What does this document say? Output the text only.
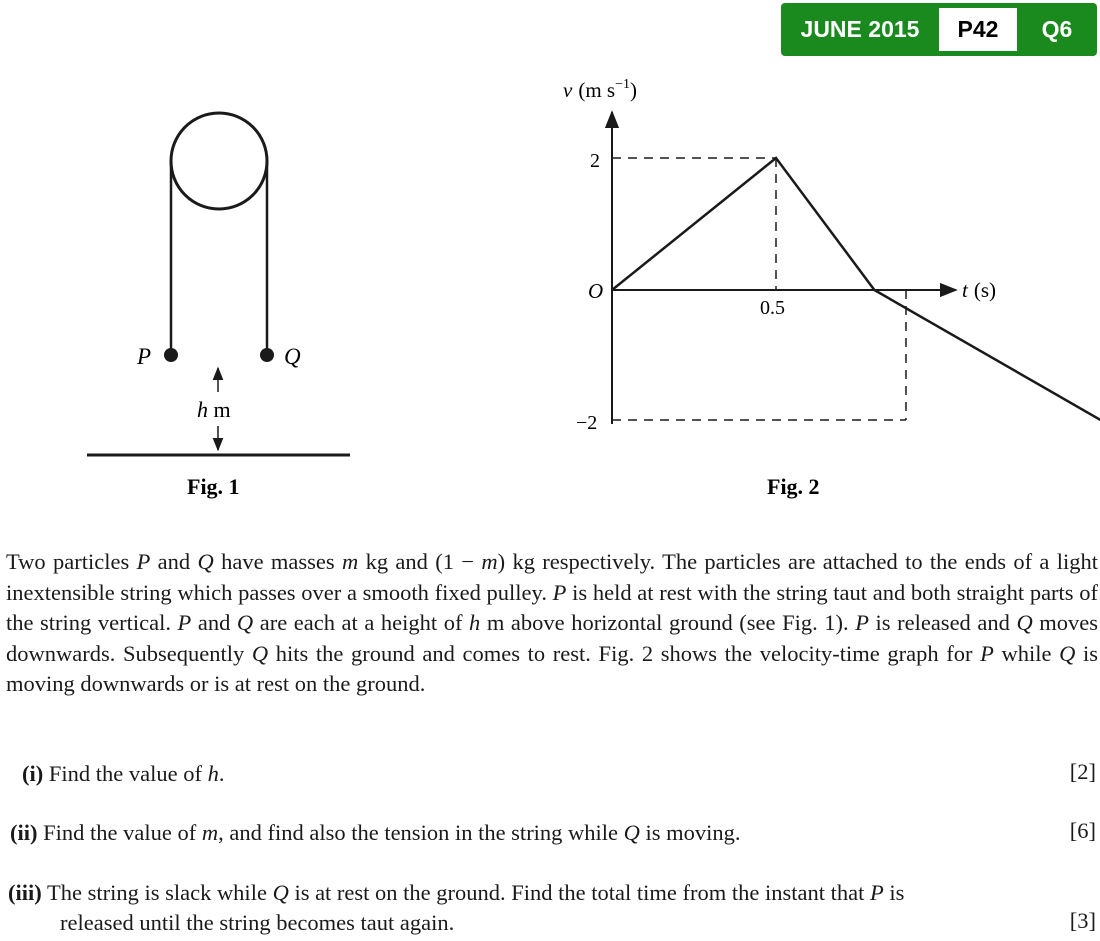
JUNE 2015	P42	Q6
P	Q
h m
Fig. 1
v (m $s^{-1}$)
t (s)
O
2
−2
0.5
Fig. 2

Two particles P and Q have masses m kg and (1 − m) kg respectively. The particles are attached to the ends of a light inextensible string which passes over a smooth fixed pulley. P is held at rest with the string taut and both straight parts of the string vertical. P and Q are each at a height of h m above horizontal ground (see Fig. 1). P is released and Q moves downwards. Subsequently Q hits the ground and comes to rest. Fig. 2 shows the velocity-time graph for P while Q is moving downwards or is at rest on the ground.

(i) Find the value of h.	[2]
(ii) Find the value of m, and find also the tension in the string while Q is moving.	[6]
(iii) The string is slack while Q is at rest on the ground. Find the total time from the instant that P is
released until the string becomes taut again.	[3]
